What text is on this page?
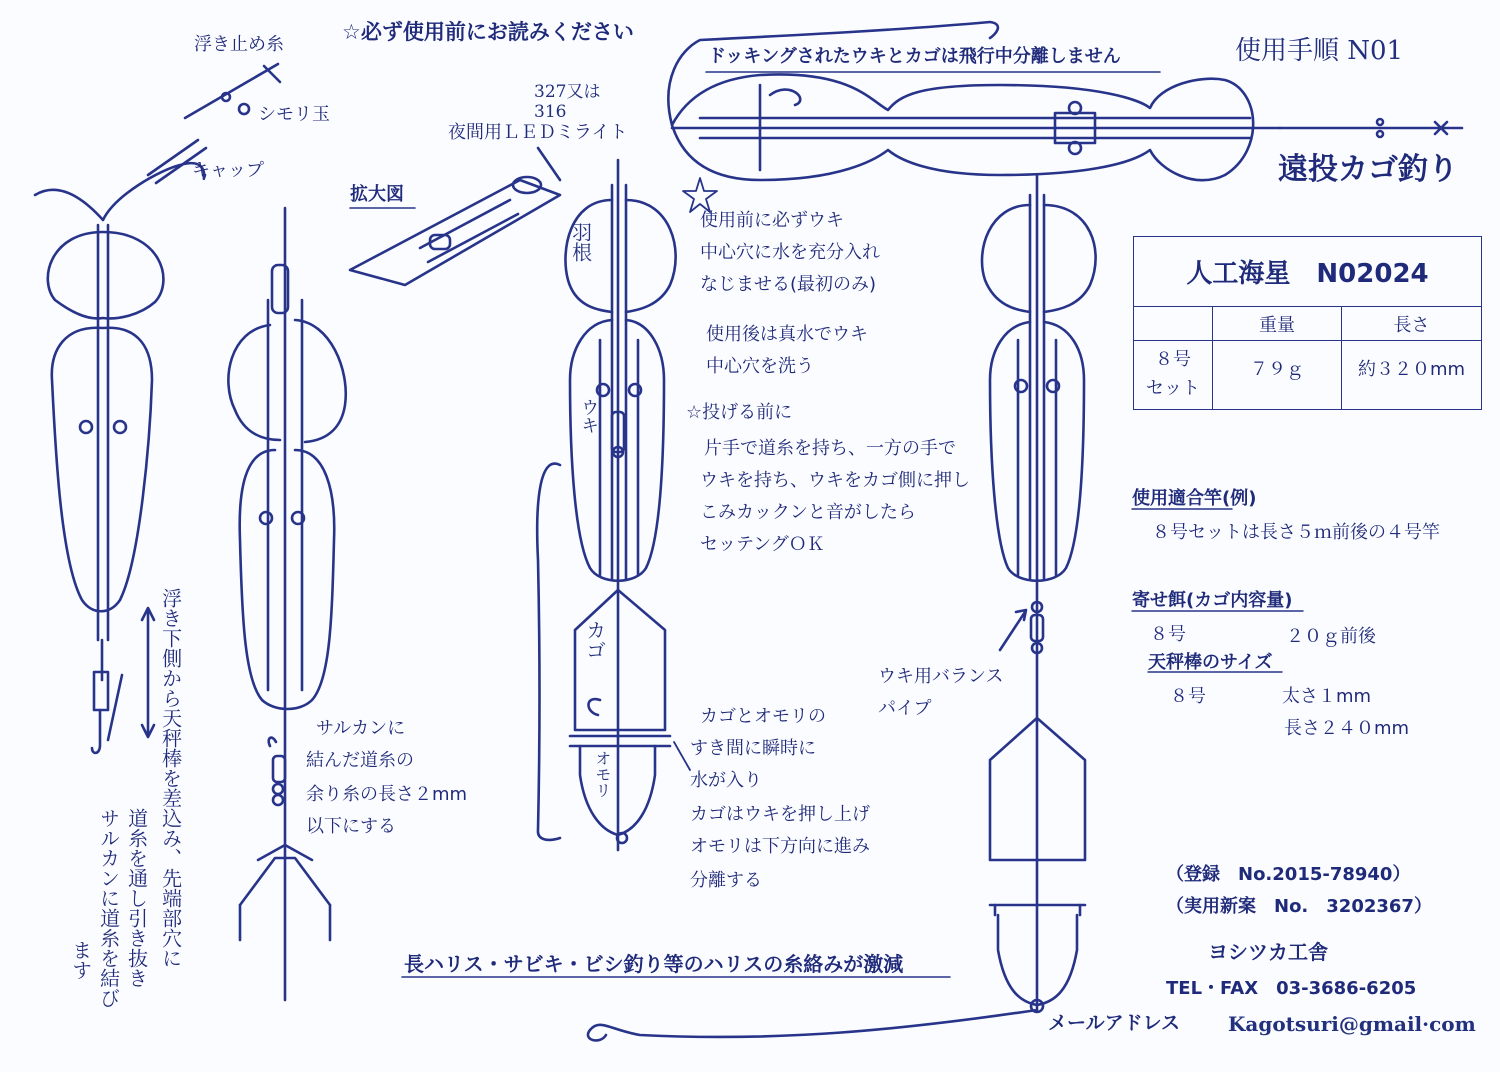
☆必ず使用前にお読みください
ドッキングされたウキとカゴは飛行中分離しません	使用手順 N01
遠投カゴ釣り
浮き止め糸
シモリ玉
キャップ
拡大図
327又は
316
夜間用ＬＥＤミライト
羽根
ウキ
カゴ
オモリ
ウキ用バランス
パイプ
使用前に必ずウキ
中心穴に水を充分入れ
なじませる(最初のみ)
使用後は真水でウキ
中心穴を洗う
☆投げる前に
片手で道糸を持ち、一方の手で
ウキを持ち、ウキをカゴ側に押し
こみカックンと音がしたら
セッテングＯＫ
カゴとオモリの
すき間に瞬時に
水が入り
カゴはウキを押し上げ
オモリは下方向に進み
分離する
サルカンに
結んだ道糸の
余り糸の長さ２mm
以下にする
浮き下側から天秤棒を差込み、先端部穴に
道糸を通し引き抜き
サルカンに道糸を結び
ます	長ハリス・サビキ・ビシ釣り等のハリスの糸絡みが激減
人工海星　 N02024		
	重量	長さ
８号
セット	７９ｇ	約３２０mm
使用適合竿(例)
８号セットは長さ５ｍ前後の４号竿
寄せ餌(カゴ内容量)
８号	２０ｇ前後
天秤棒のサイズ
８号	太さ１mm
長さ２４０mm
（登録　No.2015-78940）
（実用新案　No.　3202367）
ヨシツカ工舎
TEL・FAX　03-3686-6205
メールアドレス Kagotsuri@gmail·com
